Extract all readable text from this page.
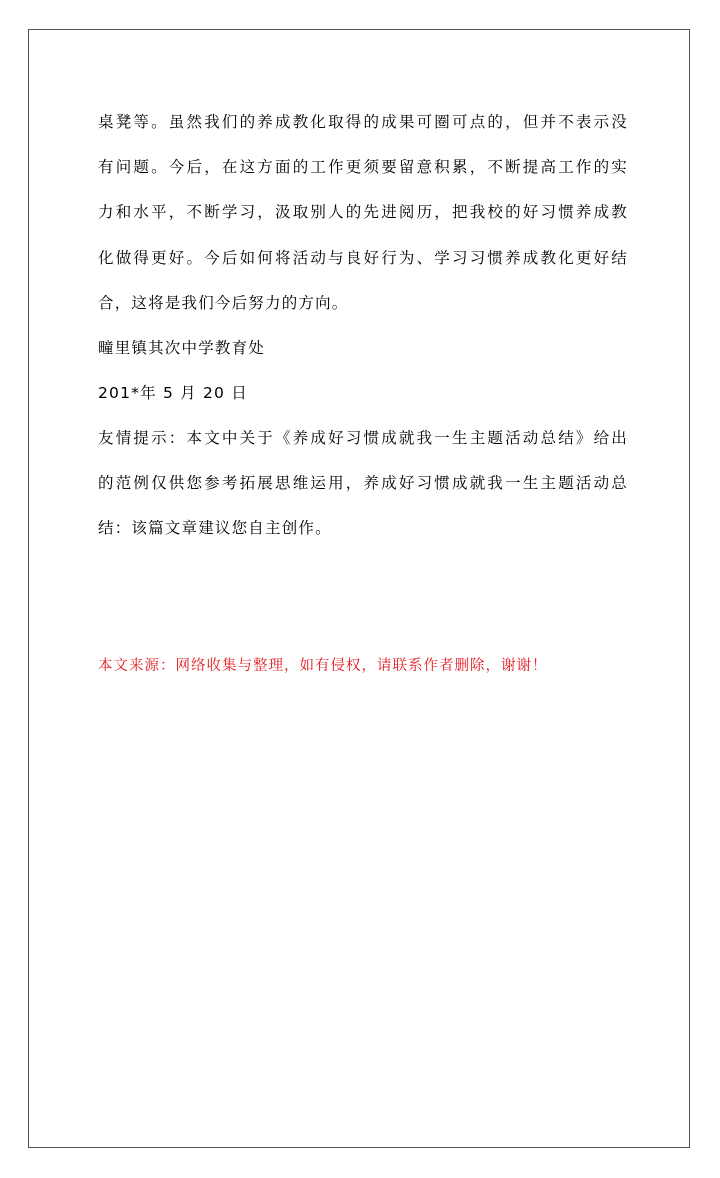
桌凳等。虽然我们的养成教化取得的成果可圈可点的，但并不表示没
有问题。今后，在这方面的工作更须要留意积累，不断提高工作的实
力和水平，不断学习，汲取别人的先进阅历，把我校的好习惯养成教
化做得更好。今后如何将活动与良好行为、学习习惯养成教化更好结
合，这将是我们今后努力的方向。
疃里镇其次中学教育处
201*年 5 月 20 日
友情提示：本文中关于《养成好习惯成就我一生主题活动总结》给出
的范例仅供您参考拓展思维运用，养成好习惯成就我一生主题活动总
结：该篇文章建议您自主创作。
本文来源：网络收集与整理，如有侵权，请联系作者删除，谢谢！
